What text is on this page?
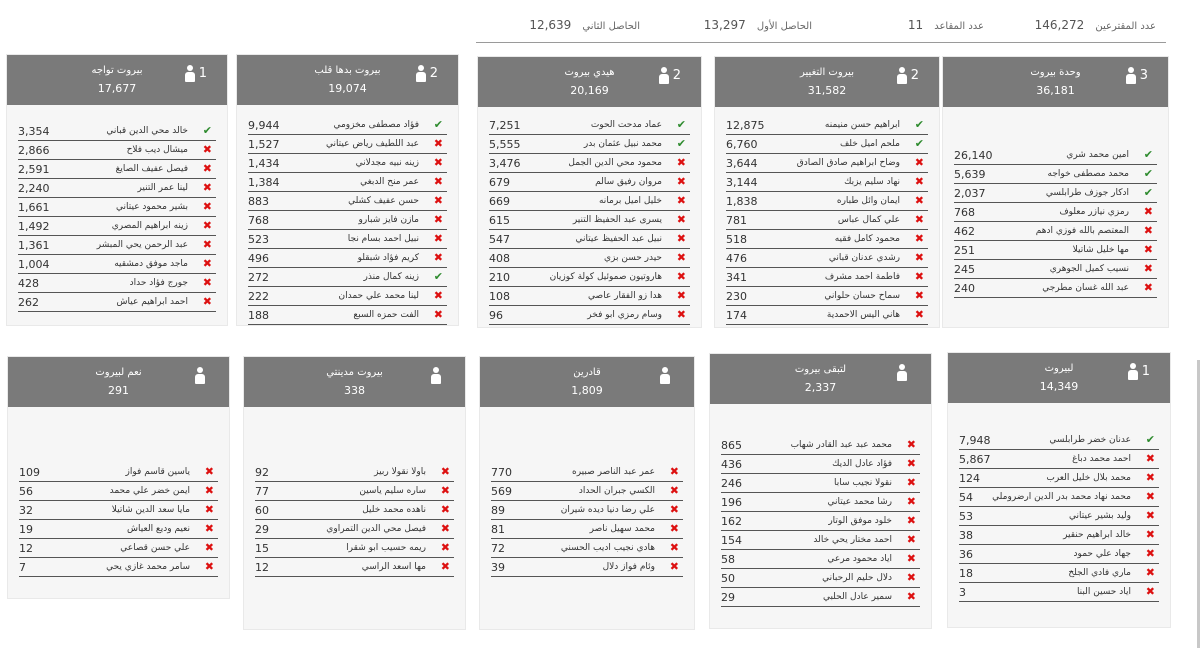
عدد المقترعين 146,272
عدد المقاعد 11
الحاصل الأول 13,297
الحاصل الثاني 12,639
3
وحدة بيروت
36,181
26,140	امين محمد شري ✔
5,639	محمد مصطفى خواجه ✔
2,037	ادكار جوزف طرابلسي ✔
768	رمزي نيازر معلوف ✖
462	المعتصم بالله فوزي ادهم ✖
251	مها خليل شاتيلا ✖
245	نسيب كميل الجوهري ✖
240	عبد الله غسان مطرجي ✖
2
بيروت التغيير
31,582
12,875	ابراهيم حسن منيمنه ✔
6,760	ملحم اميل خلف ✔
3,644	وضاح ابراهيم صادق الصادق ✖
3,144	نهاد سليم يزبك ✖
1,838	ايمان وائل طباره ✖
781	علي كمال عباس ✖
518	محمود كامل فقيه ✖
476	رشدي عدنان قباني ✖
341	فاطمة احمد مشرف ✖
230	سماح حسان حلواني ✖
174	هاني اليس الاحمدية ✖
2
هيدي بيروت
20,169
7,251	عماد مدحت الحوت ✔
5,555	محمد نبيل عثمان بدر ✔
3,476	محمود محي الدين الجمل ✖
679	مروان رفيق سالم ✖
669	خليل اميل برمانه ✖
615	يسرى عبد الحفيظ التنير ✖
547	نبيل عبد الحفيظ عيتاني ✖
408	حيدر حسن بزي ✖
210	هاروتيون صموئيل كولة كوزيان ✖
108	هدا زو الفقار عاصي ✖
96	وسام رمزي ابو فخر ✖
2
بيروت بدها قلب
19,074
9,944	فؤاد مصطفى مخزومي ✔
1,527	عبد اللطيف رياض عيتاني ✖
1,434	زينه نبيه مجدلاني ✖
1,384	عمر منح الدبغي ✖
883	حسن عفيف كشلي ✖
768	مازن فايز شبارو ✖
523	نبيل احمد بسام نجا ✖
496	كريم فؤاد شبقلو ✖
272	زينه كمال منذر ✔
222	لينا محمد علي حمدان ✖
188	الفت حمزه السبع ✖
1
بيروت تواجه
17,677
3,354	خالد محي الدين قباني ✔
2,866	ميشال ديب فلاح ✖
2,591	فيصل عفيف الصايغ ✖
2,240	لينا عمر التنير ✖
1,661	بشير محمود عيتاني ✖
1,492	زينه ابراهيم المصري ✖
1,361	عبد الرحمن يحي المبشر ✖
1,004	ماجد موفق دمشقيه ✖
428	جورج فؤاد حداد ✖
262	احمد ابراهيم عياش ✖
1
لبيروت
14,349
7,948	عدنان خضر طرابلسي ✔
5,867	احمد محمد دباغ ✖
124	محمد بلال خليل العرب ✖
54 محمد نهاد محمد بدر الدين ارضروملي ✖
53	وليد بشير عيتاني ✖
38	خالد ابراهيم حنقير ✖
36	جهاد علي حمود ✖
18	ماري فادي الجلخ ✖
3	اياد حسين البنا ✖
لتبقى بيروت
2,337
865	محمد عبد عبد القادر شهاب ✖
436	فؤاد عادل الديك ✖
246	نقولا نجيب سابا ✖
196	رشا محمد عيتاني ✖
162	خلود موفق الوتار ✖
154	احمد مختار يحي خالد ✖
58	اياد محمود مرعي ✖
50	دلال حليم الرحباني ✖
29	سمير عادل الحلبي ✖
قادرين
1,809
770	عمر عبد الناصر صبيره ✖
569	الكسي جبران الحداد ✖
89	علي رضا دنيا ديده شيران ✖
81	محمد سهيل ناصر ✖
72	هادي نجيب اديب الحسني ✖
39	وئام فواز دلال ✖
بيروت مدينتي
338
92	باولا نقولا ربيز ✖
77	ساره سليم ياسين ✖
60	ناهده محمد خليل ✖
29	فيصل محي الدين التمراوي ✖
15	ريمه حسيب ابو شقرا ✖
12	مها اسعد الراسي ✖
نعم لبيروت
291
109	ياسين قاسم فواز ✖
56	ايمن خضر علي محمد ✖
32	مايا سعد الدين شاتيلا ✖
19	نعيم وديع العياش ✖
12	علي حسن قصاعي ✖
7	سامر محمد غازي يحي ✖
